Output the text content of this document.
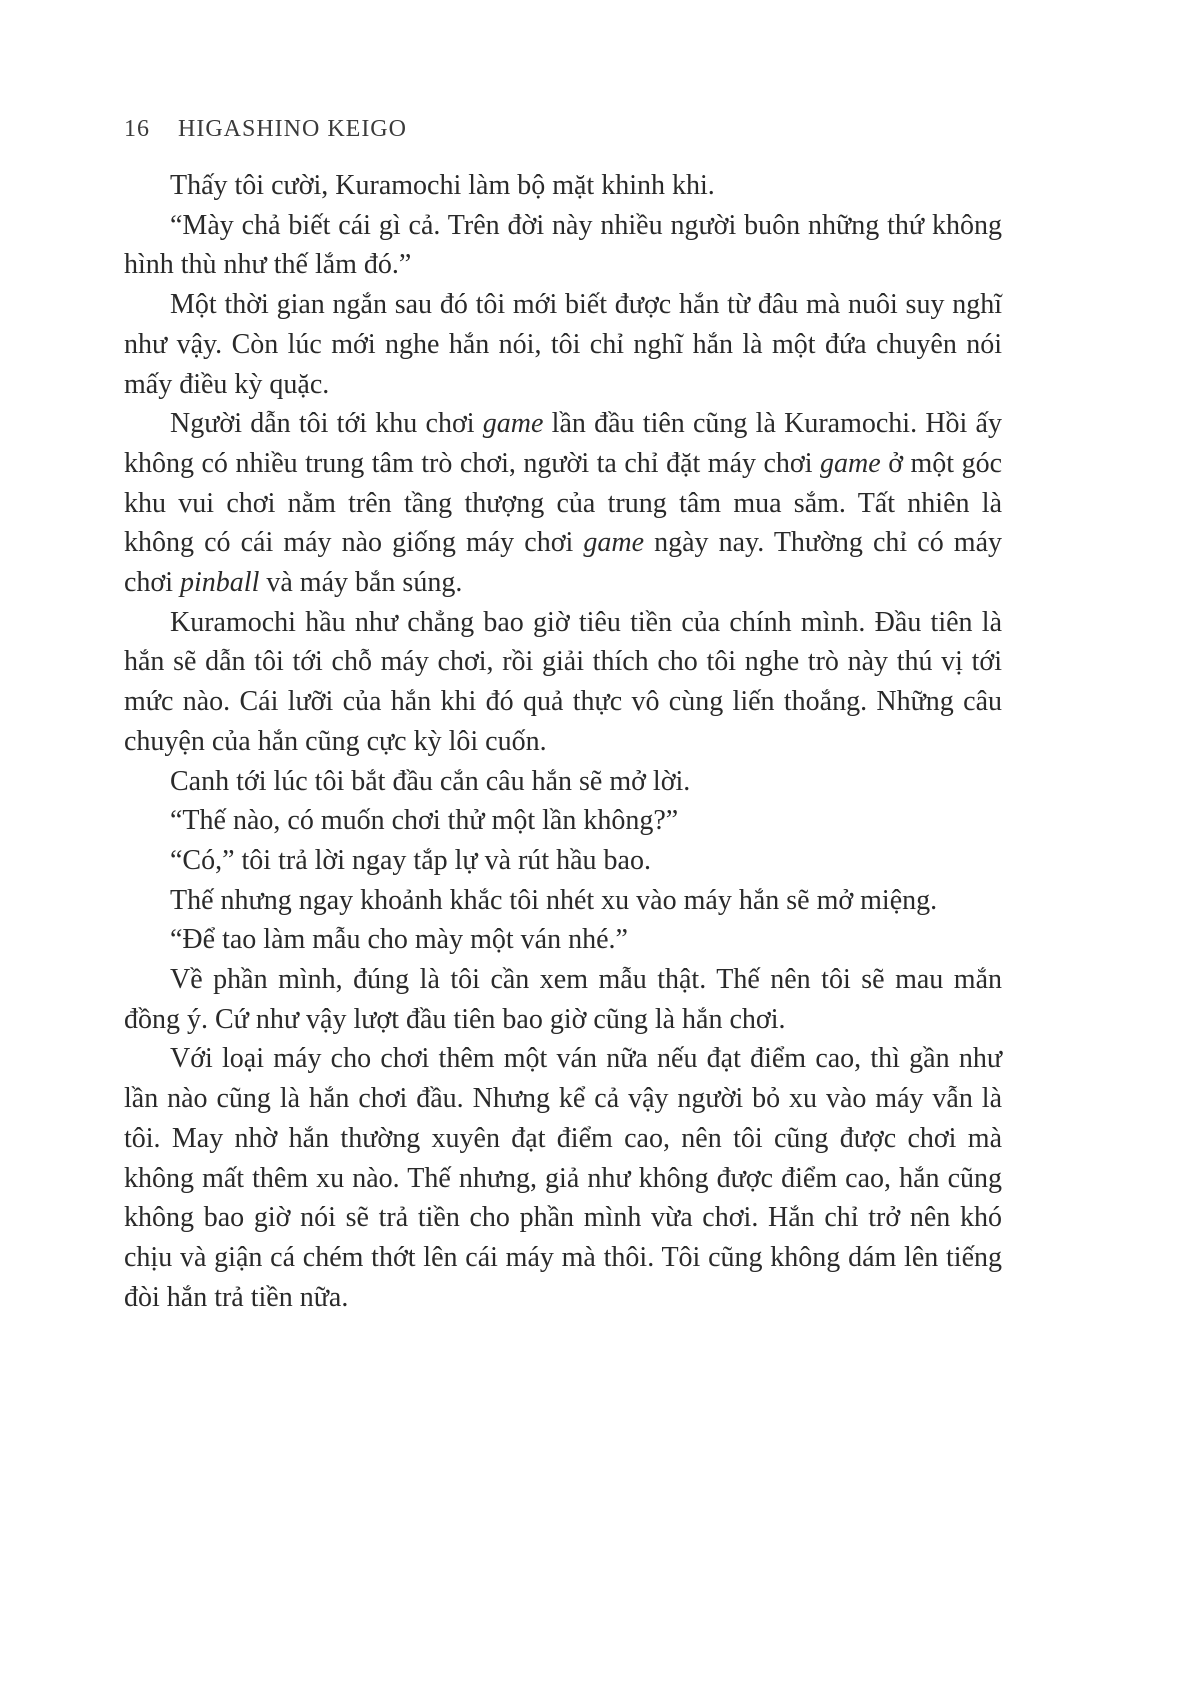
16 HIGASHINO KEIGO

Thấy tôi cười, Kuramochi làm bộ mặt khinh khi.

“Mày chả biết cái gì cả. Trên đời này nhiều người buôn những thứ không hình thù như thế lắm đó.”

Một thời gian ngắn sau đó tôi mới biết được hắn từ đâu mà nuôi suy nghĩ như vậy. Còn lúc mới nghe hắn nói, tôi chỉ nghĩ hắn là một đứa chuyên nói mấy điều kỳ quặc.

Người dẫn tôi tới khu chơi game lần đầu tiên cũng là Kuramochi. Hồi ấy không có nhiều trung tâm trò chơi, người ta chỉ đặt máy chơi game ở một góc khu vui chơi nằm trên tầng thượng của trung tâm mua sắm. Tất nhiên là không có cái máy nào giống máy chơi game ngày nay. Thường chỉ có máy chơi pinball và máy bắn súng.

Kuramochi hầu như chẳng bao giờ tiêu tiền của chính mình. Đầu tiên là hắn sẽ dẫn tôi tới chỗ máy chơi, rồi giải thích cho tôi nghe trò này thú vị tới mức nào. Cái lưỡi của hắn khi đó quả thực vô cùng liến thoắng. Những câu chuyện của hắn cũng cực kỳ lôi cuốn.

Canh tới lúc tôi bắt đầu cắn câu hắn sẽ mở lời.

“Thế nào, có muốn chơi thử một lần không?”

“Có,” tôi trả lời ngay tắp lự và rút hầu bao.

Thế nhưng ngay khoảnh khắc tôi nhét xu vào máy hắn sẽ mở miệng.

“Để tao làm mẫu cho mày một ván nhé.”

Về phần mình, đúng là tôi cần xem mẫu thật. Thế nên tôi sẽ mau mắn đồng ý. Cứ như vậy lượt đầu tiên bao giờ cũng là hắn chơi.

Với loại máy cho chơi thêm một ván nữa nếu đạt điểm cao, thì gần như lần nào cũng là hắn chơi đầu. Nhưng kể cả vậy người bỏ xu vào máy vẫn là tôi. May nhờ hắn thường xuyên đạt điểm cao, nên tôi cũng được chơi mà không mất thêm xu nào. Thế nhưng, giả như không được điểm cao, hắn cũng không bao giờ nói sẽ trả tiền cho phần mình vừa chơi. Hắn chỉ trở nên khó chịu và giận cá chém thớt lên cái máy mà thôi. Tôi cũng không dám lên tiếng đòi hắn trả tiền nữa.
